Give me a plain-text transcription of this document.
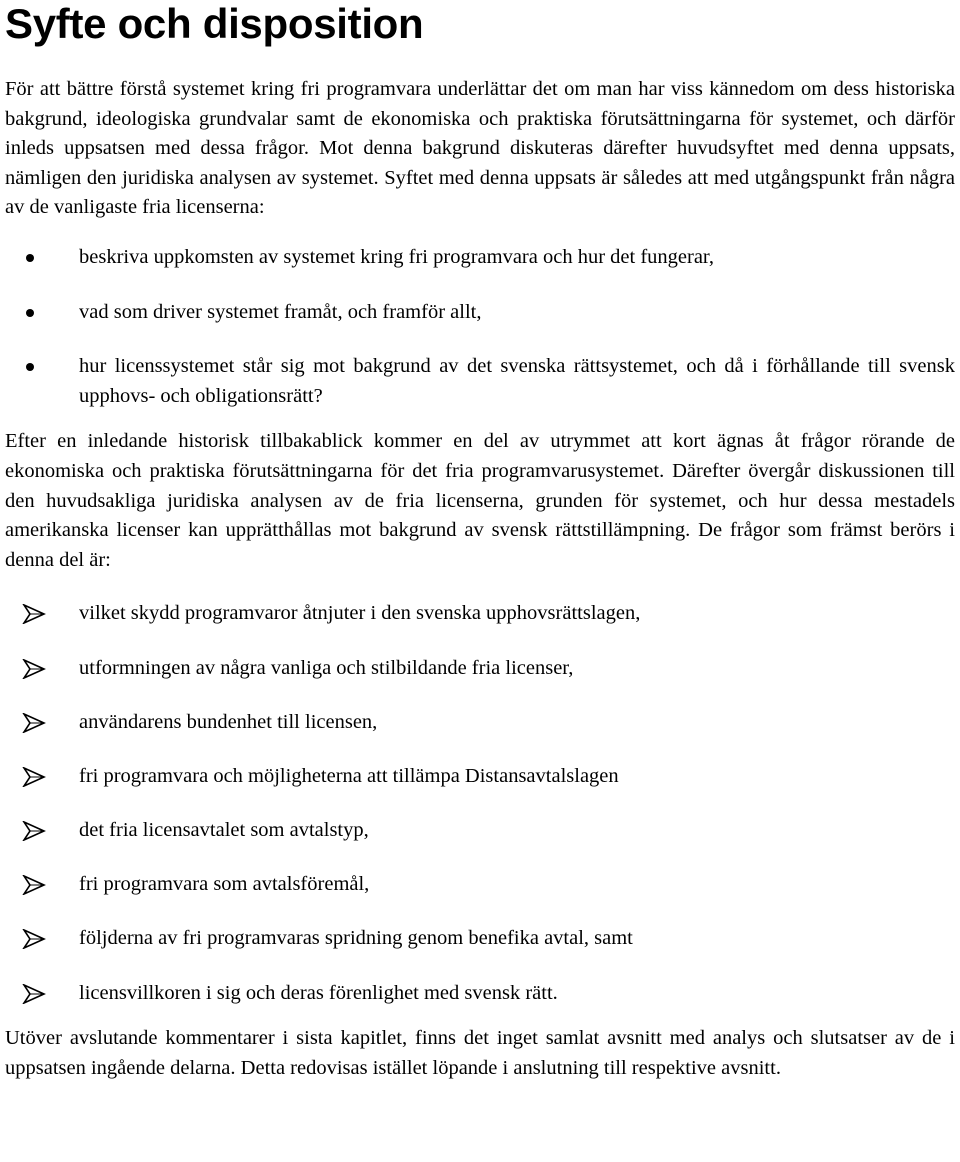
Syfte och disposition

För att bättre förstå systemet kring fri programvara underlättar det om man har viss kännedom om dess historiska bakgrund, ideologiska grundvalar samt de ekonomiska och praktiska förutsättningarna för systemet, och därför inleds uppsatsen med dessa frågor. Mot denna bakgrund diskuteras därefter huvudsyftet med denna uppsats, nämligen den juridiska analysen av systemet. Syftet med denna uppsats är således att med utgångspunkt från några av de vanligaste fria licenserna:

beskriva uppkomsten av systemet kring fri programvara och hur det fungerar,
vad som driver systemet framåt, och framför allt,
hur licenssystemet står sig mot bakgrund av det svenska rättsystemet, och då i förhållande till svensk upphovs- och obligationsrätt?

Efter en inledande historisk tillbakablick kommer en del av utrymmet att kort ägnas åt frågor rörande de ekonomiska och praktiska förutsättningarna för det fria programvarusystemet. Därefter övergår diskussionen till den huvudsakliga juridiska analysen av de fria licenserna, grunden för systemet, och hur dessa mestadels amerikanska licenser kan upprätthållas mot bakgrund av svensk rättstillämpning. De frågor som främst berörs i denna del är:

vilket skydd programvaror åtnjuter i den svenska upphovsrättslagen,
utformningen av några vanliga och stilbildande fria licenser,
användarens bundenhet till licensen,
fri programvara och möjligheterna att tillämpa Distansavtalslagen
det fria licensavtalet som avtalstyp,
fri programvara som avtalsföremål,
följderna av fri programvaras spridning genom benefika avtal, samt
licensvillkoren i sig och deras förenlighet med svensk rätt.

Utöver avslutande kommentarer i sista kapitlet, finns det inget samlat avsnitt med analys och slutsatser av de i uppsatsen ingående delarna. Detta redovisas istället löpande i anslutning till respektive avsnitt.
